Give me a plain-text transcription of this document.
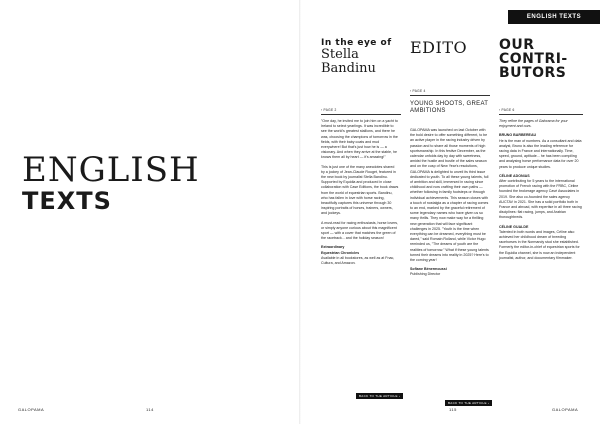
ENGLISH
TEXTS
GALOPAMA	114
In the eye of
Stella
Bandinu
› PAGE 2

"One day, he invited me to join him on a yacht to Ireland to select yearlings. It was incredible to see the world's greatest stallions, and there he was, choosing the champions of tomorrow in the fields, with their baby coats and mud everywhere! But that's just how he is — a visionary. And when they arrive at the stable, he knows them all by heart — it's amazing!"

This is just one of the many anecdotes shared by a jockey of Jean-Claude Rouget, featured in the new book by journalist Stella Bandinu. Supported by Equidia and produced in close collaboration with Case Editions, the book draws from the world of equestrian sports. Bandinu, who has fallen in love with horse racing, beautifully captures this universe through 30 inspiring portraits of horses, trainers, owners, and jockeys.

A must-read for racing enthusiasts, horse lovers, or simply anyone curious about this magnificent sport — with a cover that matches the green of the racetrack... and the holiday season!

Extraordinary
Equestrian Chronicles

Available in all bookstores, as well as at Fnac, Cultura, and Amazon.

BACK TO THE ARTICLE ›
ENGLISH TEXTS
EDITO
› PAGE 4
YOUNG SHOOTS, GREAT AMBITIONS

GALOPAMA was launched on last October with the bold desire to offer something different, to be an active player in the racing industry driven by passion and to share all those moments of high sportsmanship. In this festive December, as the calendar unfolds day by day with sweetness, amidst the hustle and bustle of the sales season and on the cusp of New Year's resolutions, GALOPAMA is delighted to unveil its third issue dedicated to youth. To all these young talents, full of ambition and skill, immersed in racing since childhood and now crafting their own paths — whether following in family footsteps or through individual achievements. This season closes with a touch of nostalgia as a chapter of racing comes to an end, marked by the graceful retirement of some legendary names who have given us so many thrills. They now make way for a thrilling new generation that will face significant challenges in 2025. "Youth is the time when everything can be dreamed, everything must be dared," said Romain Rolland, while Victor Hugo reminded us, "The dreams of youth are the realities of tomorrow." What if these young talents turned their dreams into reality in 2025? Here's to the coming year!

Sofiane Bénermoussi
Publishing Director
BACK TO THE ARTICLE ›
OUR
CONTRI-
BUTORS
› PAGE 6

They refine the pages of Galorama for your enjoyment and ours.

BRUNO BARBEREAU

He is the man of numbers. As a consultant and data analyst, Bruno is also the leading reference for racing data in France and internationally. Time, speed, ground, aptitude... he has been compiling and analysing horse performance data for over 20 years to produce unique studies.

CÉLINE ADONIAS

After contributing for 5 years to the international promotion of French racing with the FRBC, Céline founded the brokerage agency Cavé Associates in 2019. She also co-founded the sales agency AUCTAV in 2021. She has a solid portfolio both in France and abroad, with expertise in all three racing disciplines: flat racing, jumps, and Arabian thoroughbreds.

CÉLINE GUALDE

Talented in both words and images, Céline also achieved her childhood dream of breeding racehorses in the Normandy stud she established. Formerly the editor-in-chief of equestrian sports for the Equidia channel, she is now an independent journalist, author, and documentary filmmaker.

115	GALOPAMA
